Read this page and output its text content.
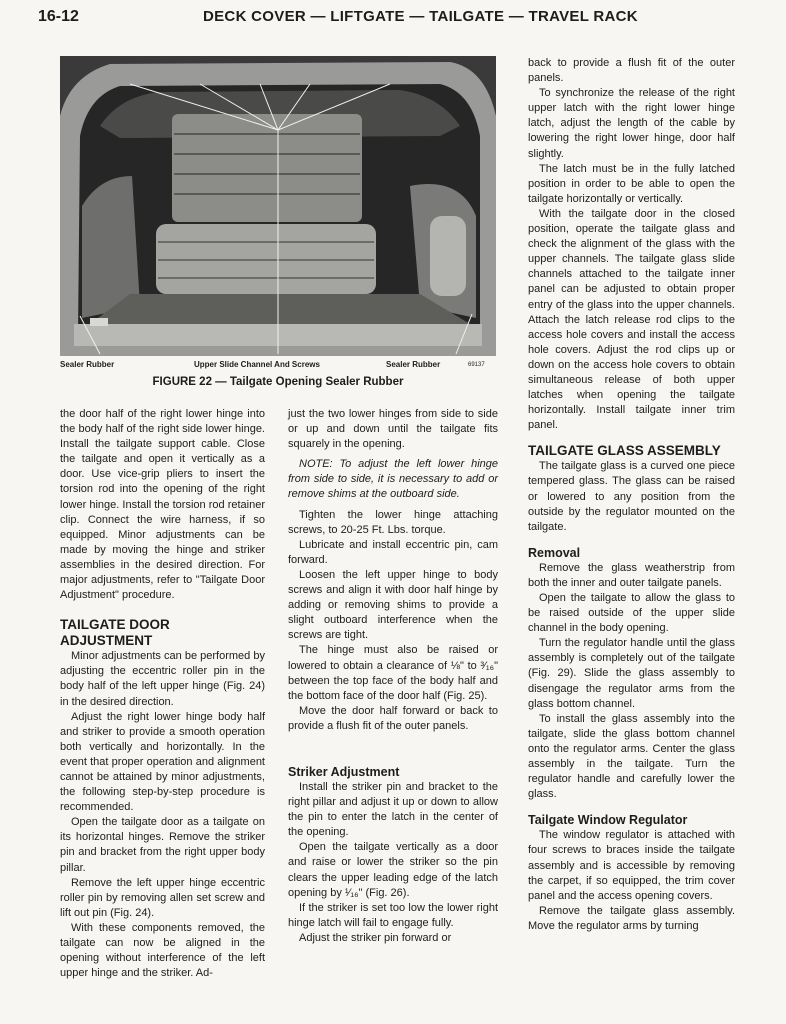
16-12	DECK COVER — LIFTGATE — TAILGATE — TRAVEL RACK
Sealer Rubber	Upper Slide Channel And Screws	Sealer Rubber	69137
FIGURE 22 — Tailgate Opening Sealer Rubber

the door half of the right lower hinge into the body half of the right side lower hinge. Install the tailgate support cable. Close the tailgate and open it vertically as a door. Use vice-grip pliers to insert the torsion rod into the opening of the right lower hinge. Install the torsion rod retainer clip. Connect the wire harness, if so equipped. Minor adjustments can be made by moving the hinge and striker assemblies in the desired direction. For major adjustments, refer to "Tailgate Door Adjustment" procedure.

TAILGATE DOOR
ADJUSTMENT

Minor adjustments can be performed by adjusting the eccentric roller pin in the body half of the left upper hinge (Fig. 24) in the desired direction.

Adjust the right lower hinge body half and striker to provide a smooth operation both vertically and horizontally. In the event that proper operation and alignment cannot be attained by minor adjustments, the following step-by-step procedure is recommended.

Open the tailgate door as a tailgate on its horizontal hinges. Remove the striker pin and bracket from the right upper body pillar.

Remove the left upper hinge eccentric roller pin by removing allen set screw and lift out pin (Fig. 24).

With these components removed, the tailgate can now be aligned in the opening without interference of the left upper hinge and the striker. Ad-

just the two lower hinges from side to side or up and down until the tailgate fits squarely in the opening.

NOTE: To adjust the left lower hinge from side to side, it is necessary to add or remove shims at the outboard side.

Tighten the lower hinge attaching screws, to 20-25 Ft. Lbs. torque.

Lubricate and install eccentric pin, cam forward.

Loosen the left upper hinge to body screws and align it with door half hinge by adding or removing shims to provide a slight outboard interference when the screws are tight.

The hinge must also be raised or lowered to obtain a clearance of ⅛" to ³⁄₁₆" between the top face of the body half and the bottom face of the door half (Fig. 25).

Move the door half forward or back to provide a flush fit of the outer panels.

Striker Adjustment

Install the striker pin and bracket to the right pillar and adjust it up or down to allow the pin to enter the latch in the center of the opening.

Open the tailgate vertically as a door and raise or lower the striker so the pin clears the upper leading edge of the latch opening by ¹⁄₁₆" (Fig. 26).

If the striker is set too low the lower right hinge latch will fail to engage fully.

Adjust the striker pin forward or

back to provide a flush fit of the outer panels.

To synchronize the release of the right upper latch with the right lower hinge latch, adjust the length of the cable by lowering the right lower hinge, door half slightly.

The latch must be in the fully latched position in order to be able to open the tailgate horizontally or vertically.

With the tailgate door in the closed position, operate the tailgate glass and check the alignment of the glass with the upper channels. The tailgate glass slide channels attached to the tailgate inner panel can be adjusted to obtain proper entry of the glass into the upper channels. Attach the latch release rod clips to the access hole covers and install the access hole covers. Adjust the rod clips up or down on the access hole covers to obtain simultaneous release of both upper latches when opening the tailgate horizontally. Install tailgate inner trim panel.

TAILGATE GLASS ASSEMBLY

The tailgate glass is a curved one piece tempered glass. The glass can be raised or lowered to any position from the outside by the regulator mounted on the tailgate.

Removal

Remove the glass weatherstrip from both the inner and outer tailgate panels.

Open the tailgate to allow the glass to be raised outside of the upper slide channel in the body opening.

Turn the regulator handle until the glass assembly is completely out of the tailgate (Fig. 29). Slide the glass assembly to disengage the regulator arms from the glass bottom channel.

To install the glass assembly into the tailgate, slide the glass bottom channel onto the regulator arms. Center the glass assembly in the tailgate. Turn the regulator handle and carefully lower the glass.

Tailgate Window Regulator

The window regulator is attached with four screws to braces inside the tailgate assembly and is accessible by removing the carpet, if so equipped, the trim cover panel and the access opening covers.

Remove the tailgate glass assembly. Move the regulator arms by turning
